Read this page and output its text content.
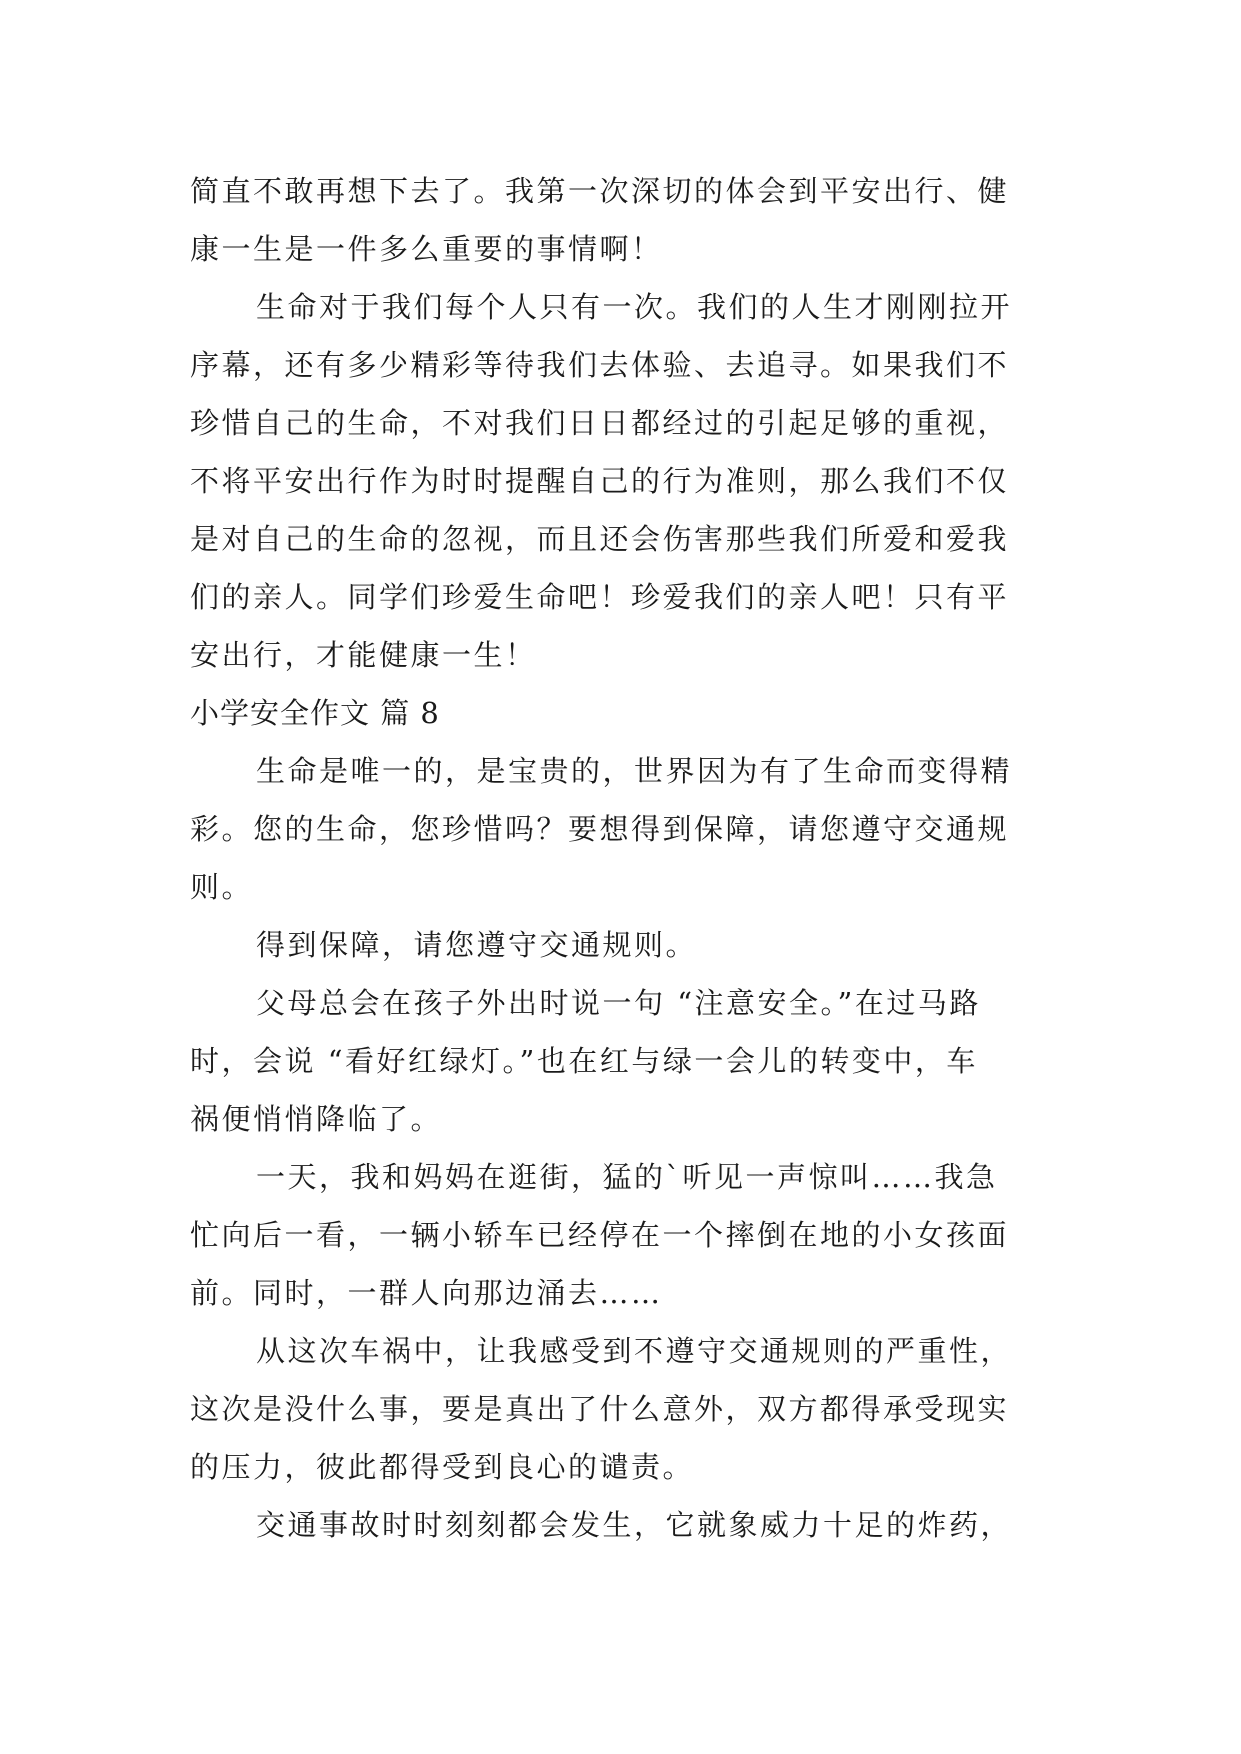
简直不敢再想下去了。我第一次深切的体会到平安出行、健
康一生是一件多么重要的事情啊！
生命对于我们每个人只有一次。我们的人生才刚刚拉开
序幕，还有多少精彩等待我们去体验、去追寻。如果我们不
珍惜自己的生命，不对我们日日都经过的引起足够的重视，
不将平安出行作为时时提醒自己的行为准则，那么我们不仅
是对自己的生命的忽视，而且还会伤害那些我们所爱和爱我
们的亲人。同学们珍爱生命吧！珍爱我们的亲人吧！只有平
安出行，才能健康一生！
小学安全作文 篇 8
生命是唯一的，是宝贵的，世界因为有了生命而变得精
彩。您的生命，您珍惜吗？要想得到保障，请您遵守交通规
则。
得到保障，请您遵守交通规则。
父母总会在孩子外出时说一句 “注意安全。”在过马路
时，会说 “看好红绿灯。”也在红与绿一会儿的转变中，车
祸便悄悄降临了。
一天，我和妈妈在逛街，猛的`听见一声惊叫……我急
忙向后一看，一辆小轿车已经停在一个摔倒在地的小女孩面
前。同时，一群人向那边涌去……
从这次车祸中，让我感受到不遵守交通规则的严重性，
这次是没什么事，要是真出了什么意外，双方都得承受现实
的压力，彼此都得受到良心的谴责。
交通事故时时刻刻都会发生，它就象威力十足的炸药，
